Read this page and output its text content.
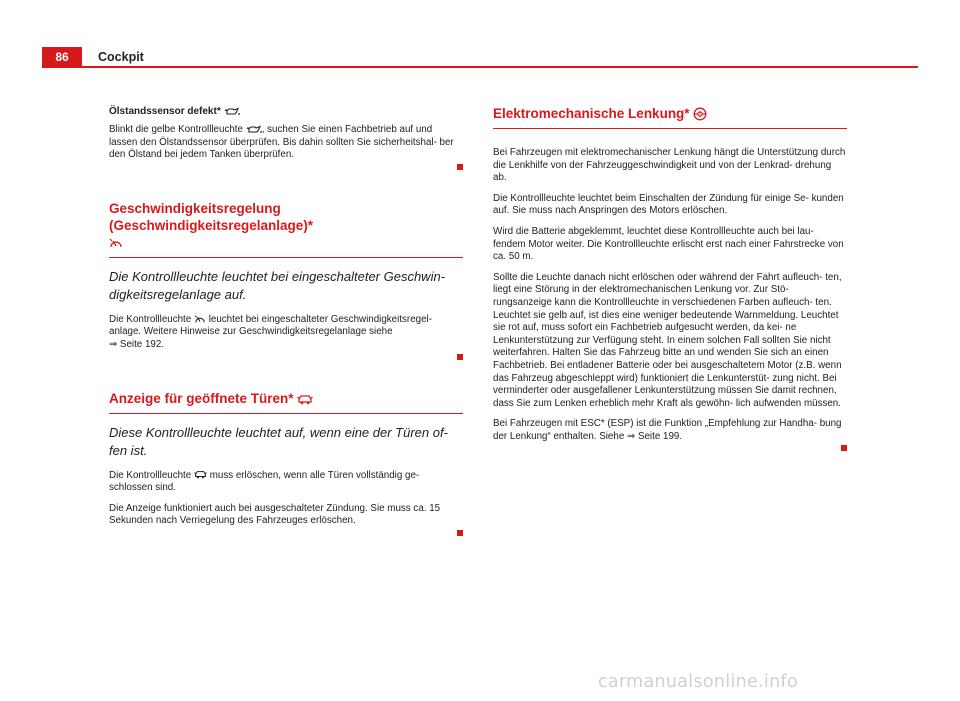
86	Cockpit
Ölstandssensor defekt*

Blinkt die gelbe Kontrollleuchte , suchen Sie einen Fachbetrieb auf und lassen den Ölstandssensor überprüfen. Bis dahin sollten Sie sicherheitshal- ber den Ölstand bei jedem Tanken überprüfen.

Geschwindigkeitsregelung (Geschwindigkeitsregelanlage)*

Die Kontrollleuchte leuchtet bei eingeschalteter Geschwin- digkeitsregelanlage auf.

Die Kontrollleuchte leuchtet bei eingeschalteter Geschwindigkeitsregel- anlage. Weitere Hinweise zur Geschwindigkeitsregelanlage siehe
⇒ Seite 192.

Anzeige für geöffnete Türen*

Diese Kontrollleuchte leuchtet auf, wenn eine der Türen of- fen ist.

Die Kontrollleuchte muss erlöschen, wenn alle Türen vollständig ge- schlossen sind.

Die Anzeige funktioniert auch bei ausgeschalteter Zündung. Sie muss ca. 15 Sekunden nach Verriegelung des Fahrzeuges erlöschen.

Elektromechanische Lenkung* !

Bei Fahrzeugen mit elektromechanischer Lenkung hängt die Unterstützung durch die Lenkhilfe von der Fahrzeuggeschwindigkeit und von der Lenkrad- drehung ab.

Die Kontrollleuchte leuchtet beim Einschalten der Zündung für einige Se- kunden auf. Sie muss nach Anspringen des Motors erlöschen.

Wird die Batterie abgeklemmt, leuchtet diese Kontrollleuchte auch bei lau- fendem Motor weiter. Die Kontrollleuchte erlischt erst nach einer Fahrstrecke von ca. 50 m.

Sollte die Leuchte danach nicht erlöschen oder während der Fahrt aufleuch- ten, liegt eine Störung in der elektromechanischen Lenkung vor. Zur Stö- rungsanzeige kann die Kontrollleuchte in verschiedenen Farben aufleuch- ten. Leuchtet sie gelb auf, ist dies eine weniger bedeutende Warnmeldung. Leuchtet sie rot auf, muss sofort ein Fachbetrieb aufgesucht werden, da kei- ne Lenkunterstützung zur Verfügung steht. In einem solchen Fall sollten Sie nicht weiterfahren. Halten Sie das Fahrzeug bitte an und wenden Sie sich an einen Fachbetrieb. Bei entladener Batterie oder bei ausgeschaltetem Motor (z.B. wenn das Fahrzeug abgeschleppt wird) funktioniert die Lenkunterstüt- zung nicht. Bei verminderter oder ausgefallener Lenkunterstützung müssen Sie damit rechnen, dass Sie zum Lenken erheblich mehr Kraft als gewöhn- lich aufwenden müssen.

Bei Fahrzeugen mit ESC* (ESP) ist die Funktion „Empfehlung zur Handha- bung der Lenkung“ enthalten. Siehe ⇒ Seite 199.

carmanualsonline.info
